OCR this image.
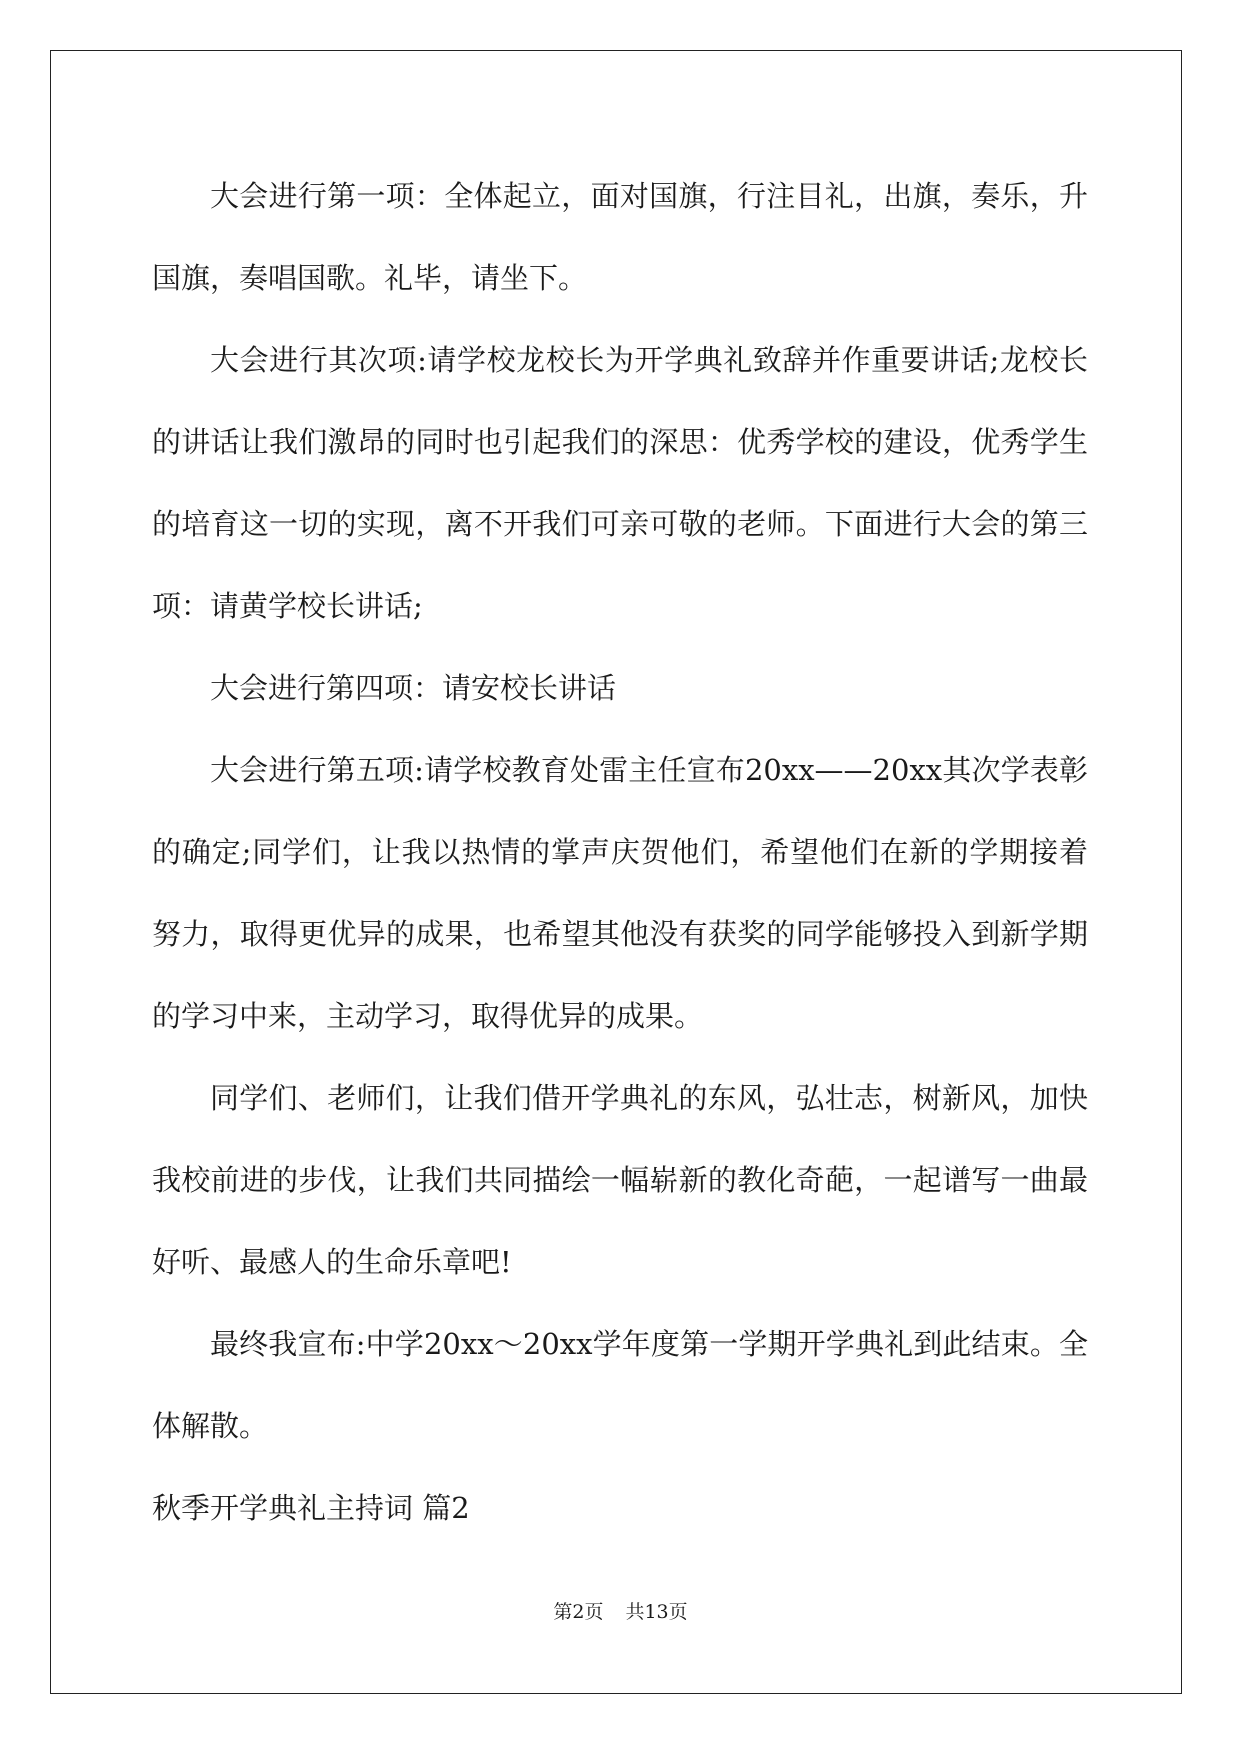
大会进行第一项：全体起立，面对国旗，行注目礼，出旗，奏乐，升国旗，奏唱国歌。礼毕，请坐下。

大会进行其次项:请学校龙校长为开学典礼致辞并作重要讲话;龙校长的讲话让我们激昂的同时也引起我们的深思：优秀学校的建设，优秀学生的培育这一切的实现，离不开我们可亲可敬的老师。下面进行大会的第三项：请黄学校长讲话;

大会进行第四项：请安校长讲话

大会进行第五项:请学校教育处雷主任宣布20xx——20xx其次学表彰的确定;同学们，让我以热情的掌声庆贺他们，希望他们在新的学期接着努力，取得更优异的成果，也希望其他没有获奖的同学能够投入到新学期的学习中来，主动学习，取得优异的成果。

同学们、老师们，让我们借开学典礼的东风，弘壮志，树新风，加快我校前进的步伐，让我们共同描绘一幅崭新的教化奇葩，一起谱写一曲最好听、最感人的生命乐章吧!

最终我宣布:中学20xx～20xx学年度第一学期开学典礼到此结束。全体解散。

秋季开学典礼主持词 篇2

第2页 共13页
